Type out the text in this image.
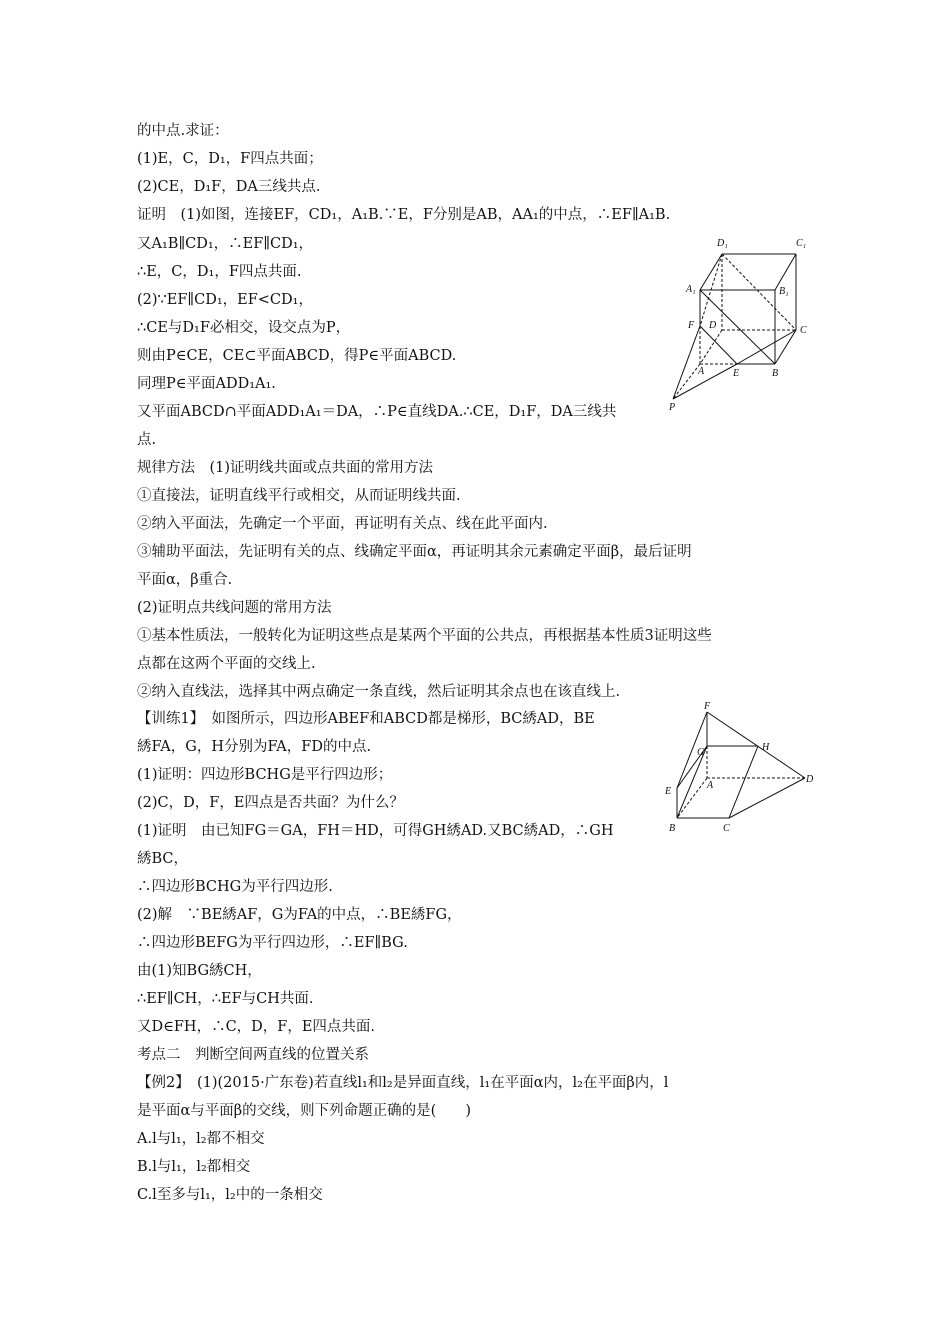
的中点.求证：
(1)E，C，D₁，F四点共面；
(2)CE，D₁F，DA三线共点.
证明　(1)如图，连接EF，CD₁，A₁B.∵E，F分别是AB，AA₁的中点，∴EF∥A₁B.
又A₁B∥CD₁，∴EF∥CD₁，
∴E，C，D₁，F四点共面.
(2)∵EF∥CD₁，EF<CD₁，
∴CE与D₁F必相交，设交点为P，
则由P∈CE，CE⊂平面ABCD，得P∈平面ABCD.
同理P∈平面ADD₁A₁.
又平面ABCD∩平面ADD₁A₁＝DA，∴P∈直线DA.∴CE，D₁F，DA三线共
点.
规律方法　(1)证明线共面或点共面的常用方法
①直接法，证明直线平行或相交，从而证明线共面.
②纳入平面法，先确定一个平面，再证明有关点、线在此平面内.
③辅助平面法，先证明有关的点、线确定平面α，再证明其余元素确定平面β，最后证明
平面α，β重合.
(2)证明点共线问题的常用方法
①基本性质法，一般转化为证明这些点是某两个平面的公共点，再根据基本性质3证明这些
点都在这两个平面的交线上.
②纳入直线法，选择其中两点确定一条直线，然后证明其余点也在该直线上.
【训练1】　如图所示，四边形ABEF和ABCD都是梯形，BC綉AD，BE
綉FA，G，H分别为FA，FD的中点.
(1)证明：四边形BCHG是平行四边形；
(2)C，D，F，E四点是否共面？为什么？
(1)证明　由已知FG＝GA，FH＝HD，可得GH綉AD.又BC綉AD，∴GH
綉BC，
∴四边形BCHG为平行四边形.
(2)解　∵BE綉AF，G为FA的中点，∴BE綉FG，
∴四边形BEFG为平行四边形，∴EF∥BG.
由(1)知BG綉CH，
∴EF∥CH，∴EF与CH共面.
又D∈FH，∴C，D，F，E四点共面.
考点二　判断空间两直线的位置关系
【例2】　(1)(2015·广东卷)若直线l₁和l₂是异面直线，l₁在平面α内，l₂在平面β内，l
是平面α与平面β的交线，则下列命题正确的是(　　)
A.l与l₁，l₂都不相交
B.l与l₁，l₂都相交
C.l至多与l₁，l₂中的一条相交
D₁	C₁
A₁	B₁
F D	C
A	E	B
P
F
G	H
A
D
E
B	C
